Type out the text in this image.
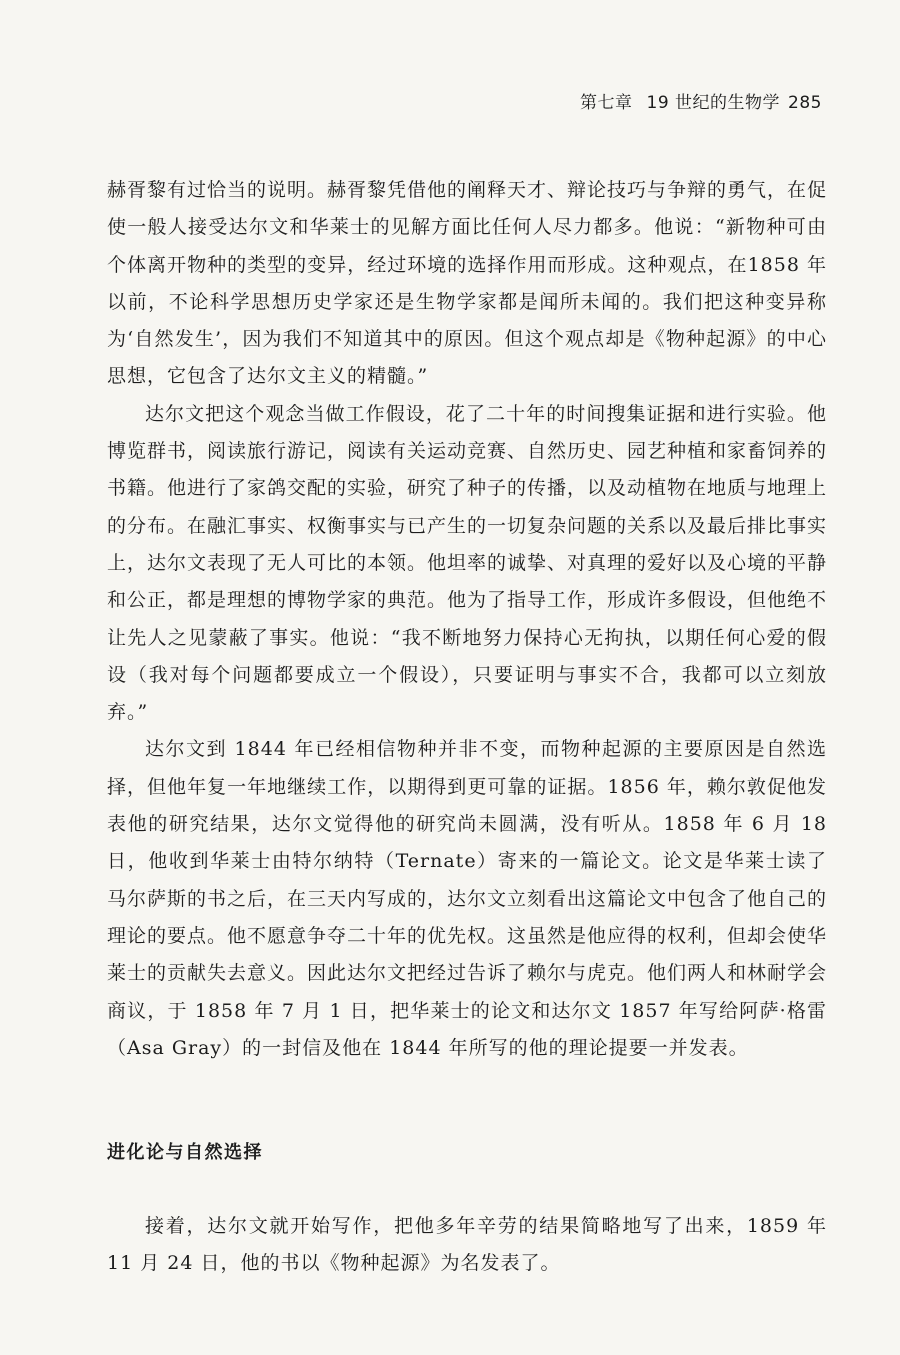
第七章 19 世纪的生物学 285

赫胥黎有过恰当的说明。赫胥黎凭借他的阐释天才、辩论技巧与争辩的勇气，在促使一般人接受达尔文和华莱士的见解方面比任何人尽力都多。他说：“新物种可由个体离开物种的类型的变异，经过环境的选择作用而形成。这种观点，在1858 年以前，不论科学思想历史学家还是生物学家都是闻所未闻的。我们把这种变异称为‘自然发生’，因为我们不知道其中的原因。但这个观点却是《物种起源》的中心思想，它包含了达尔文主义的精髓。”

达尔文把这个观念当做工作假设，花了二十年的时间搜集证据和进行实验。他博览群书，阅读旅行游记，阅读有关运动竞赛、自然历史、园艺种植和家畜饲养的书籍。他进行了家鸽交配的实验，研究了种子的传播，以及动植物在地质与地理上的分布。在融汇事实、权衡事实与已产生的一切复杂问题的关系以及最后排比事实上，达尔文表现了无人可比的本领。他坦率的诚挚、对真理的爱好以及心境的平静和公正，都是理想的博物学家的典范。他为了指导工作，形成许多假设，但他绝不让先人之见蒙蔽了事实。他说：“我不断地努力保持心无拘执，以期任何心爱的假设（我对每个问题都要成立一个假设），只要证明与事实不合，我都可以立刻放弃。”

达尔文到 1844 年已经相信物种并非不变，而物种起源的主要原因是自然选择，但他年复一年地继续工作，以期得到更可靠的证据。1856 年，赖尔敦促他发表他的研究结果，达尔文觉得他的研究尚未圆满，没有听从。1858 年 6 月 18 日，他收到华莱士由特尔纳特（Ternate）寄来的一篇论文。论文是华莱士读了马尔萨斯的书之后，在三天内写成的，达尔文立刻看出这篇论文中包含了他自己的理论的要点。他不愿意争夺二十年的优先权。这虽然是他应得的权利，但却会使华莱士的贡献失去意义。因此达尔文把经过告诉了赖尔与虎克。他们两人和林耐学会商议，于 1858 年 7 月 1 日，把华莱士的论文和达尔文 1857 年写给阿萨·格雷（Asa Gray）的一封信及他在 1844 年所写的他的理论提要一并发表。

进化论与自然选择

接着，达尔文就开始写作，把他多年辛劳的结果简略地写了出来，1859 年 11 月 24 日，他的书以《物种起源》为名发表了。
